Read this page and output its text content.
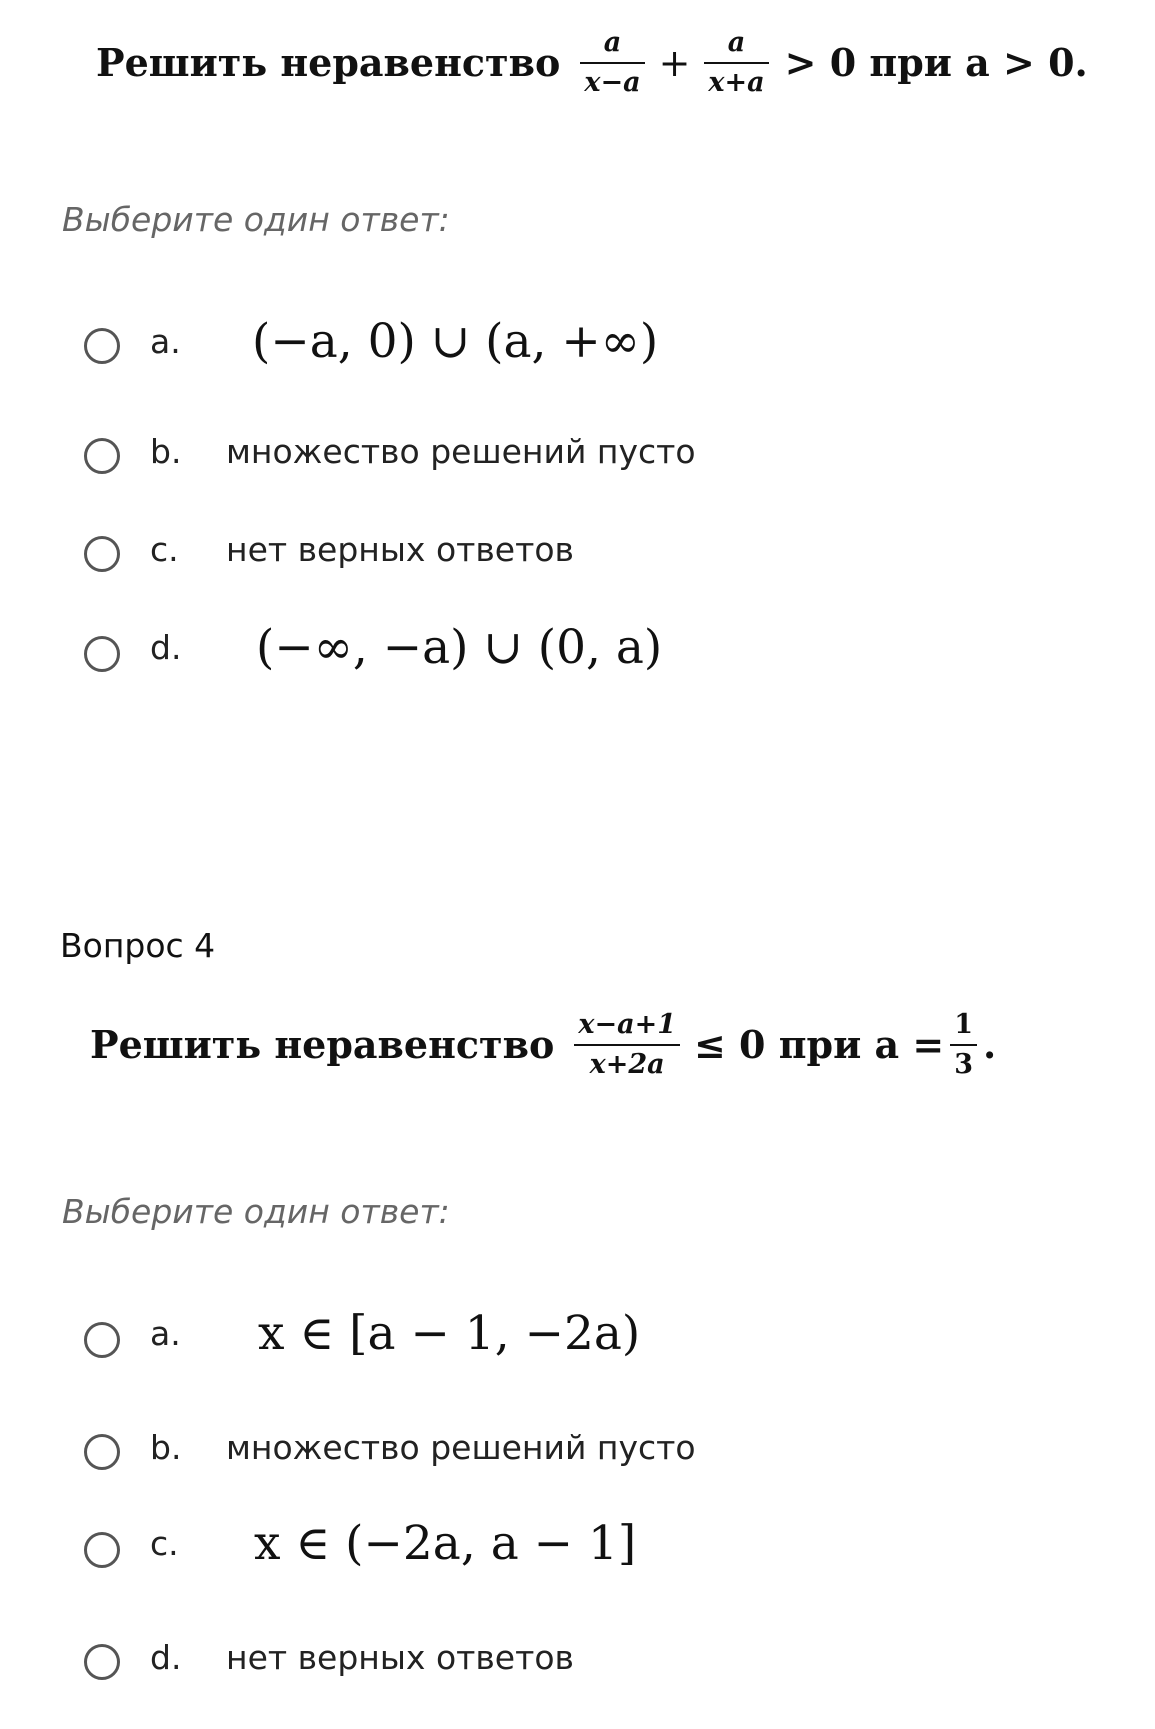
Решить неравенство $\frac{a}{x-a} + \frac{a}{x+a} > 0$ при a > 0.
Выберите один ответ:
a. (−a, 0) ∪ (a, +∞)
b. множество решений пусто
c. нет верных ответов
d. (−∞, −a) ∪ (0, a)
Вопрос 4
Решить неравенство $\frac{x-a+1}{x+2a} \le 0$ при $a = \frac{1}{3}$ .
Выберите один ответ:
a. x ∈ [a − 1, −2a)
b. множество решений пусто
c. x ∈ (−2a, a − 1]
d. нет верных ответов
